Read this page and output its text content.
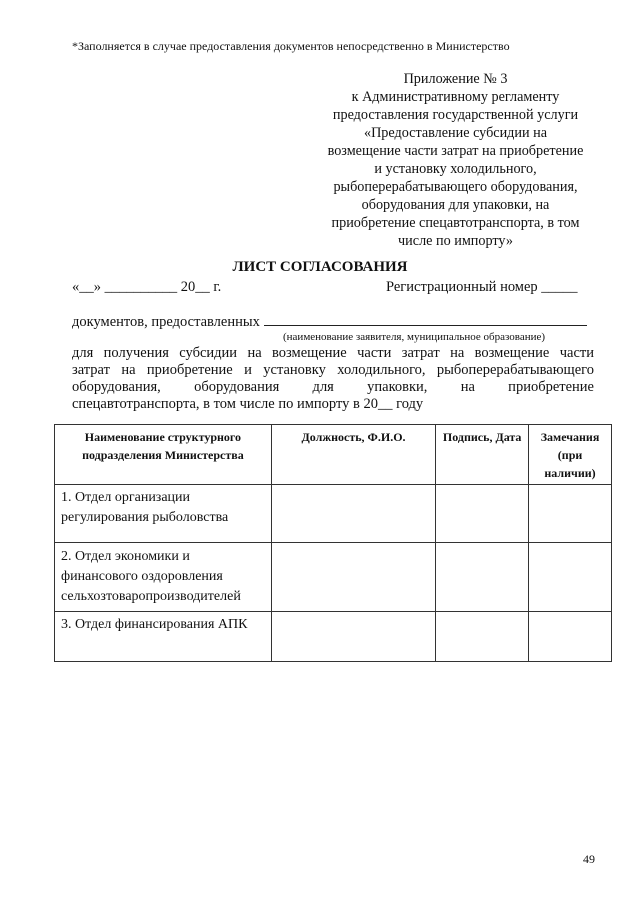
*Заполняется в случае предоставления документов непосредственно в Министерство
Приложение № 3
к Административному регламенту
предоставления государственной услуги
«Предоставление субсидии на
возмещение части затрат на приобретение
и установку холодильного,
рыбоперерабатывающего оборудования,
оборудования для упаковки, на
приобретение спецавтотранспорта, в том
числе по импорту»
ЛИСТ СОГЛАСОВАНИЯ
«__» __________ 20__ г.	Регистрационный номер _____
документов, предоставленных
(наименование заявителя, муниципальное образование)
для получения субсидии на возмещение части затрат на возмещение части
затрат на приобретение и установку холодильного, рыбоперерабатывающего
оборудования, оборудования для упаковки, на приобретение
спецавтотранспорта, в том числе по импорту в 20__ году
Наименование структурного подразделения Министерства	Должность, Ф.И.О.	Подпись, Дата	Замечания (при наличии)
1. Отдел организации регулирования рыболовства			
2. Отдел экономики и финансового оздоровления сельхозтоваропроизводителей			
3. Отдел финансирования АПК			
49
